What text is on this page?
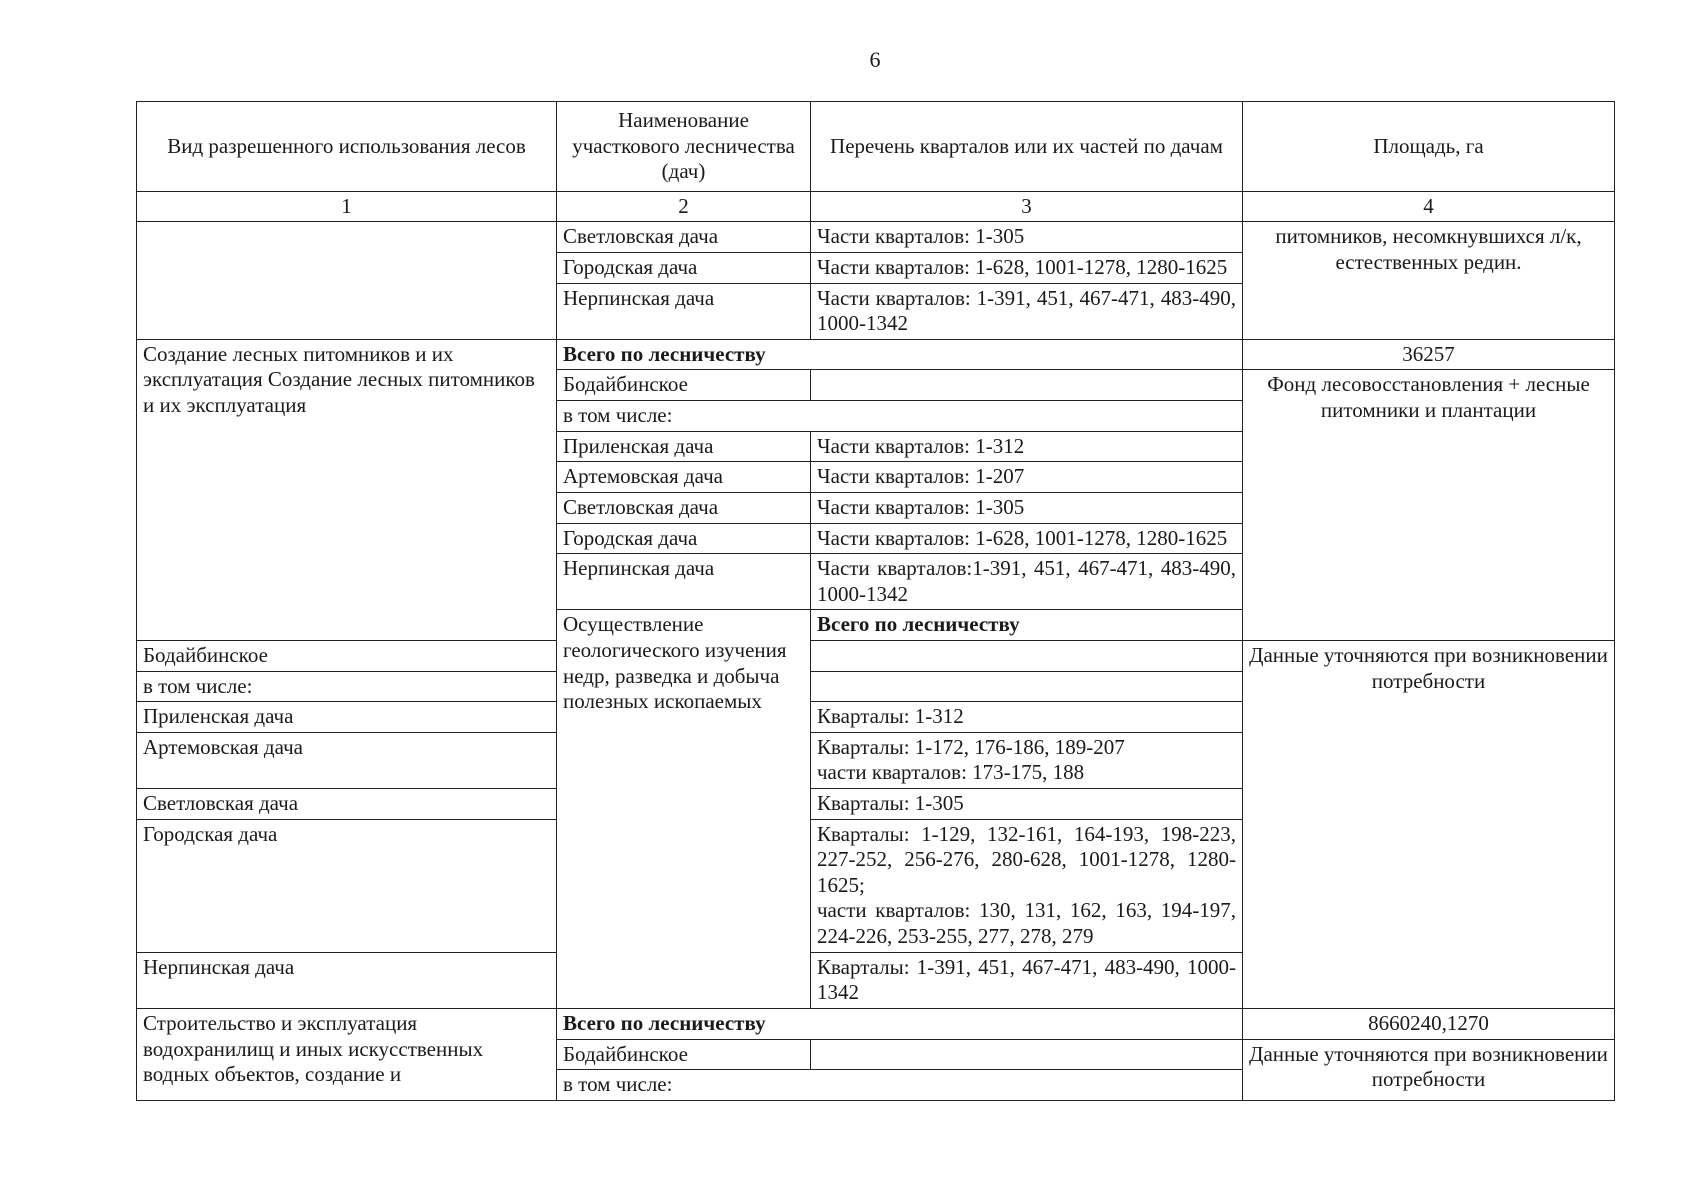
6
Вид разрешенного использования лесов	Наименование участкового лесничества (дач)	Перечень кварталов или их частей по дачам	Площадь, га	
1	2	3	4	
	Светловская дача	Части кварталов: 1-305	питомников, несомкнувшихся л/к, естественных редин.	
	Городская дача	Части кварталов: 1-628, 1001-1278, 1280-1625		
	Нерпинская дача	Части кварталов: 1-391, 451, 467-471, 483-490, 1000-1342		
Создание лесных питомников и их эксплуатация Создание лесных питомников и их эксплуатация	Всего по лесничеству		36257	
	Бодайбинское		Фонд лесовосстановления + лесные питомники и плантации	
	в том числе:			
	Приленская дача	Части кварталов: 1-312		
	Артемовская дача	Части кварталов: 1-207		
	Светловская дача	Части кварталов: 1-305		
	Городская дача	Части кварталов: 1-628, 1001-1278, 1280-1625		
	Нерпинская дача	Части кварталов:1-391, 451, 467-471, 483-490, 1000-1342		
	Осуществление геологического изучения недр, разведка и добыча полезных ископаемых	Всего по лесничеству	
Бодайбинское			Данные уточняются при возникновении потребности	
в том числе:				
Приленская дача		Кварталы: 1-312		
Артемовская дача		Кварталы: 1-172, 176-186, 189-207
части кварталов: 173-175, 188		

Светловская дача		Кварталы: 1-305		
Городская дача		Кварталы: 1-129, 132-161, 164-193, 198-223, 227-252, 256-276, 280-628, 1001-1278, 1280-1625;
части кварталов: 130, 131, 162, 163, 194-197, 224-226, 253-255, 277, 278, 279		

Нерпинская дача		Кварталы: 1-391, 451, 467-471, 483-490, 1000-1342		
Строительство и эксплуатация водохранилищ и иных искусственных водных объектов, создание и	Всего по лесничеству		8660240,1270	
	Бодайбинское		Данные уточняются при возникновении потребности	
	в том числе:			
